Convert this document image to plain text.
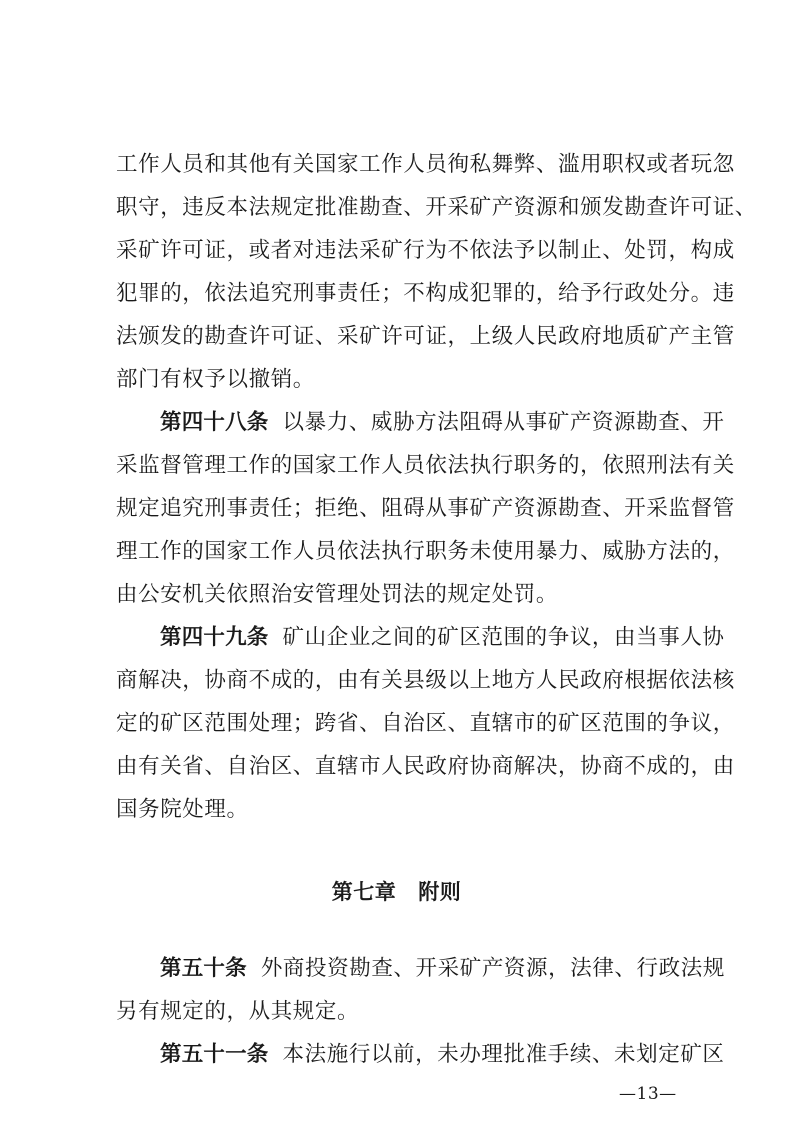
工作人员和其他有关国家工作人员徇私舞弊、滥用职权或者玩忽
职守，违反本法规定批准勘查、开采矿产资源和颁发勘查许可证、
采矿许可证，或者对违法采矿行为不依法予以制止、处罚，构成
犯罪的，依法追究刑事责任；不构成犯罪的，给予行政处分。违
法颁发的勘查许可证、采矿许可证，上级人民政府地质矿产主管
部门有权予以撤销。
第四十八条 以暴力、威胁方法阻碍从事矿产资源勘查、开
采监督管理工作的国家工作人员依法执行职务的，依照刑法有关
规定追究刑事责任；拒绝、阻碍从事矿产资源勘查、开采监督管
理工作的国家工作人员依法执行职务未使用暴力、威胁方法的，
由公安机关依照治安管理处罚法的规定处罚。
第四十九条 矿山企业之间的矿区范围的争议，由当事人协
商解决，协商不成的，由有关县级以上地方人民政府根据依法核
定的矿区范围处理；跨省、自治区、直辖市的矿区范围的争议，
由有关省、自治区、直辖市人民政府协商解决，协商不成的，由
国务院处理。
第七章 附则
第五十条 外商投资勘查、开采矿产资源，法律、行政法规
另有规定的，从其规定。
第五十一条 本法施行以前，未办理批准手续、未划定矿区
—13—
